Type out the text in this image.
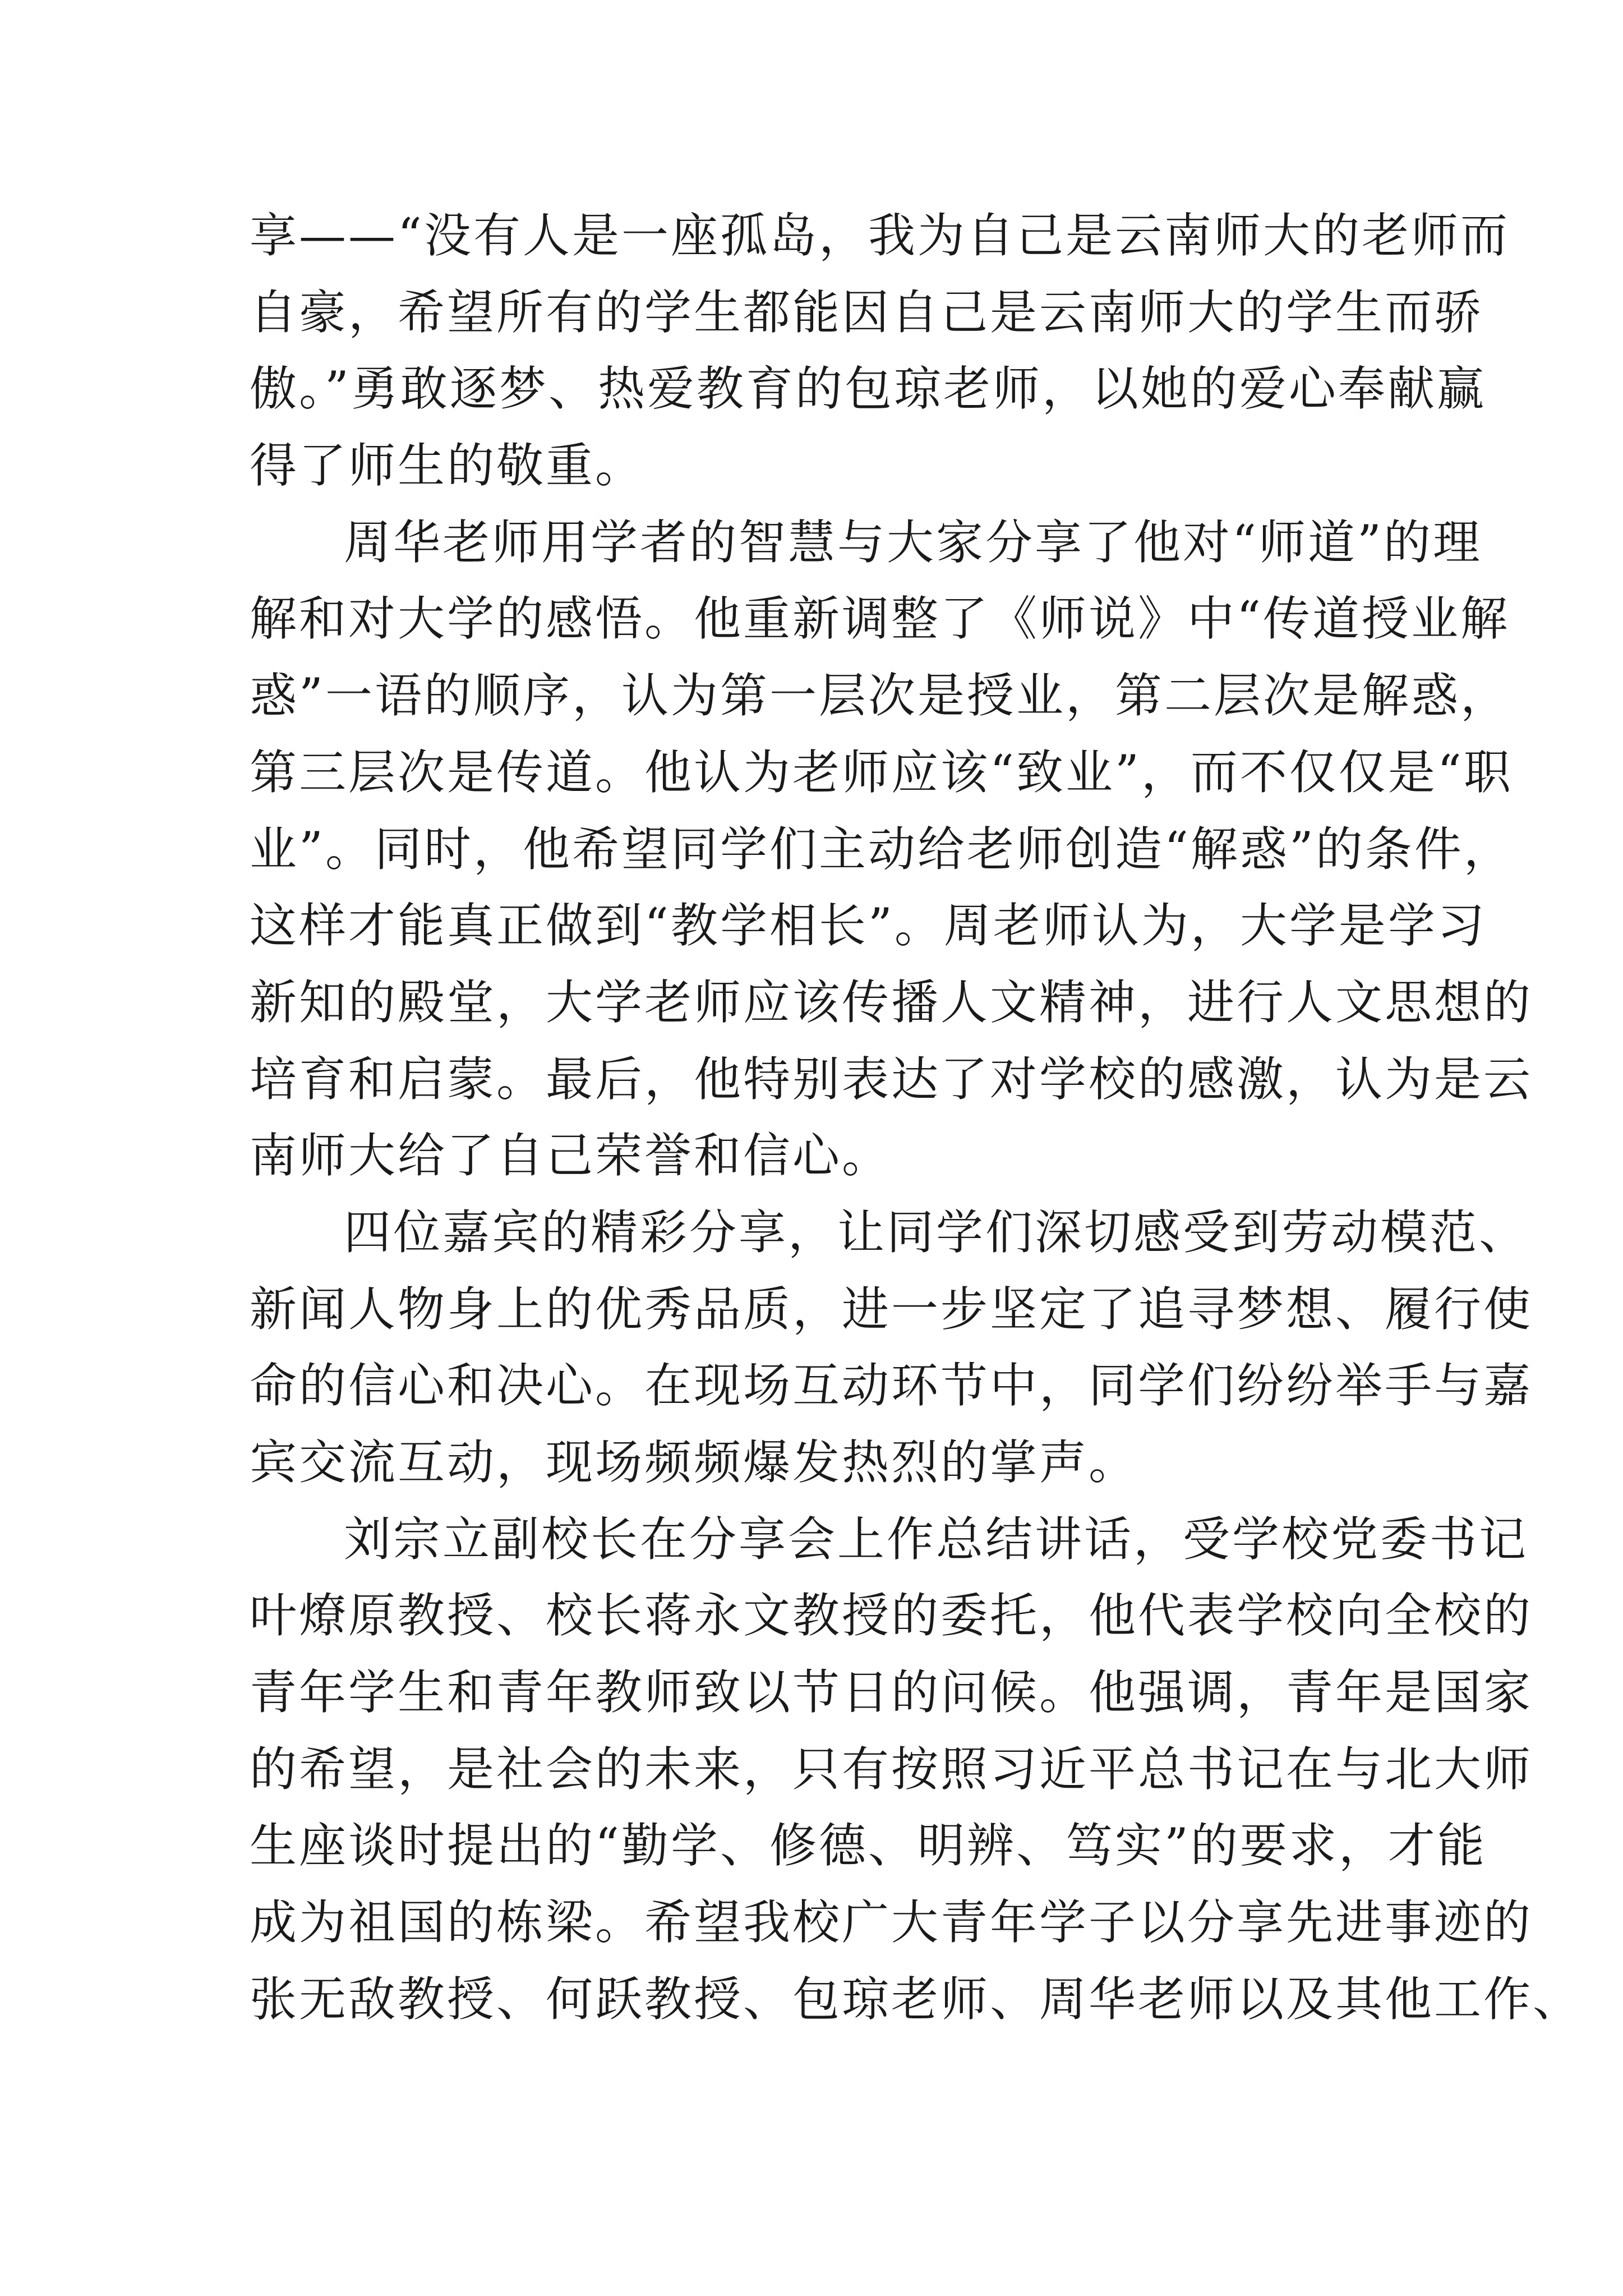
享——“没有人是一座孤岛，我为自己是云南师大的老师而
自豪，希望所有的学生都能因自己是云南师大的学生而骄
傲。”勇敢逐梦、热爱教育的包琼老师，以她的爱心奉献赢
得了师生的敬重。
周华老师用学者的智慧与大家分享了他对“师道”的理
解和对大学的感悟。他重新调整了《师说》中“传道授业解
惑”一语的顺序，认为第一层次是授业，第二层次是解惑，
第三层次是传道。他认为老师应该“致业”，而不仅仅是“职
业”。同时，他希望同学们主动给老师创造“解惑”的条件，
这样才能真正做到“教学相长”。周老师认为，大学是学习
新知的殿堂，大学老师应该传播人文精神，进行人文思想的
培育和启蒙。最后，他特别表达了对学校的感激，认为是云
南师大给了自己荣誉和信心。
四位嘉宾的精彩分享，让同学们深切感受到劳动模范、
新闻人物身上的优秀品质，进一步坚定了追寻梦想、履行使
命的信心和决心。在现场互动环节中，同学们纷纷举手与嘉
宾交流互动，现场频频爆发热烈的掌声。
刘宗立副校长在分享会上作总结讲话，受学校党委书记
叶燎原教授、校长蒋永文教授的委托，他代表学校向全校的
青年学生和青年教师致以节日的问候。他强调，青年是国家
的希望，是社会的未来，只有按照习近平总书记在与北大师
生座谈时提出的“勤学、修德、明辨、笃实”的要求，才能
成为祖国的栋梁。希望我校广大青年学子以分享先进事迹的
张无敌教授、何跃教授、包琼老师、周华老师以及其他工作、
